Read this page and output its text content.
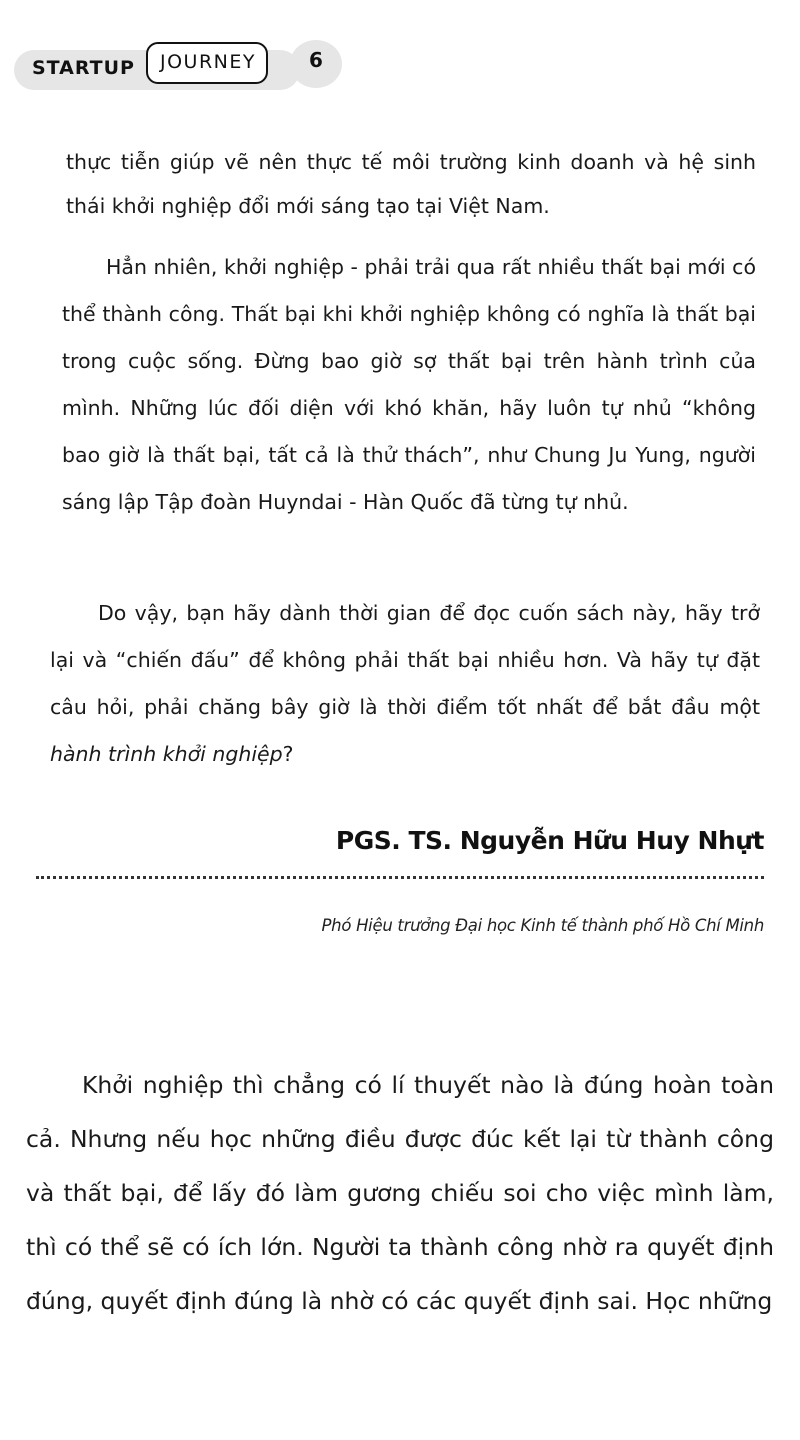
STARTUP JOURNEY	6

thực tiễn giúp vẽ nên thực tế môi trường kinh doanh và hệ sinh thái khởi nghiệp đổi mới sáng tạo tại Việt Nam.

Hẳn nhiên, khởi nghiệp - phải trải qua rất nhiều thất bại mới có thể thành công. Thất bại khi khởi nghiệp không có nghĩa là thất bại trong cuộc sống. Đừng bao giờ sợ thất bại trên hành trình của mình. Những lúc đối diện với khó khăn, hãy luôn tự nhủ “không bao giờ là thất bại, tất cả là thử thách”, như Chung Ju Yung, người sáng lập Tập đoàn Huyndai - Hàn Quốc đã từng tự nhủ.

Do vậy, bạn hãy dành thời gian để đọc cuốn sách này, hãy trở lại và “chiến đấu” để không phải thất bại nhiều hơn. Và hãy tự đặt câu hỏi, phải chăng bây giờ là thời điểm tốt nhất để bắt đầu một hành trình khởi nghiệp?

PGS. TS. Nguyễn Hữu Huy Nhựt
Phó Hiệu trưởng Đại học Kinh tế thành phố Hồ Chí Minh

Khởi nghiệp thì chẳng có lí thuyết nào là đúng hoàn toàn cả. Nhưng nếu học những điều được đúc kết lại từ thành công và thất bại, để lấy đó làm gương chiếu soi cho việc mình làm, thì có thể sẽ có ích lớn. Người ta thành công nhờ ra quyết định đúng, quyết định đúng là nhờ có các quyết định sai. Học những
